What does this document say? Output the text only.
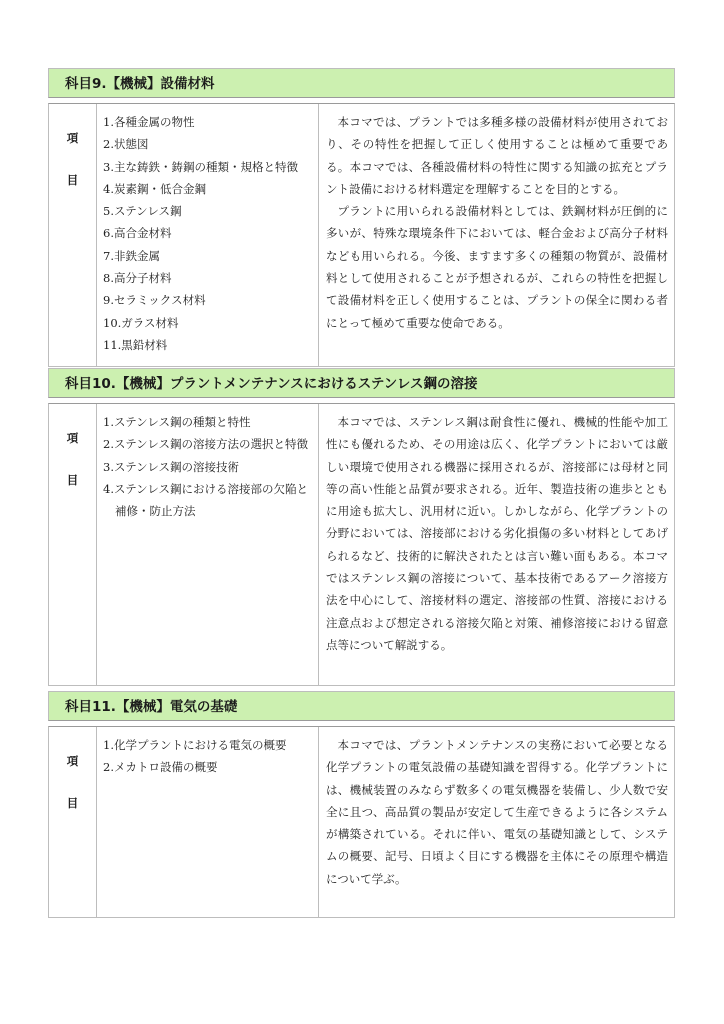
科目9.【機械】設備材料
項
目
1.各種金属の物性
2.状態図
3.主な鋳鉄・鋳鋼の種類・規格と特徴
4.炭素鋼・低合金鋼
5.ステンレス鋼
6.高合金材料
7.非鉄金属
8.高分子材料
9.セラミックス材料
10.ガラス材料
11.黒鉛材料

本コマでは、プラントでは多種多様の設備材料が使用されており、その特性を把握して正しく使用することは極めて重要である。本コマでは、各種設備材料の特性に関する知識の拡充とプラント設備における材料選定を理解することを目的とする。

プラントに用いられる設備材料としては、鉄鋼材料が圧倒的に多いが、特殊な環境条件下においては、軽合金および高分子材料なども用いられる。今後、ますます多くの種類の物質が、設備材料として使用されることが予想されるが、これらの特性を把握して設備材料を正しく使用することは、プラントの保全に関わる者にとって極めて重要な使命である。

科目10.【機械】プラントメンテナンスにおけるステンレス鋼の溶接
項
目
1.ステンレス鋼の種類と特性
2.ステンレス鋼の溶接方法の選択と特徴
3.ステンレス鋼の溶接技術
4.ステンレス鋼における溶接部の欠陥と補修・防止方法

本コマでは、ステンレス鋼は耐食性に優れ、機械的性能や加工性にも優れるため、その用途は広く、化学プラントにおいては厳しい環境で使用される機器に採用されるが、溶接部には母材と同等の高い性能と品質が要求される。近年、製造技術の進歩とともに用途も拡大し、汎用材に近い。しかしながら、化学プラントの分野においては、溶接部における劣化損傷の多い材料としてあげられるなど、技術的に解決されたとは言い難い面もある。本コマではステンレス鋼の溶接について、基本技術であるアーク溶接方法を中心にして、溶接材料の選定、溶接部の性質、溶接における注意点および想定される溶接欠陥と対策、補修溶接における留意点等について解説する。

科目11.【機械】電気の基礎
項
目
1.化学プラントにおける電気の概要
2.メカトロ設備の概要

本コマでは、プラントメンテナンスの実務において必要となる化学プラントの電気設備の基礎知識を習得する。化学プラントには、機械装置のみならず数多くの電気機器を装備し、少人数で安全に且つ、高品質の製品が安定して生産できるように各システムが構築されている。それに伴い、電気の基礎知識として、システムの概要、記号、日頃よく目にする機器を主体にその原理や構造について学ぶ。
